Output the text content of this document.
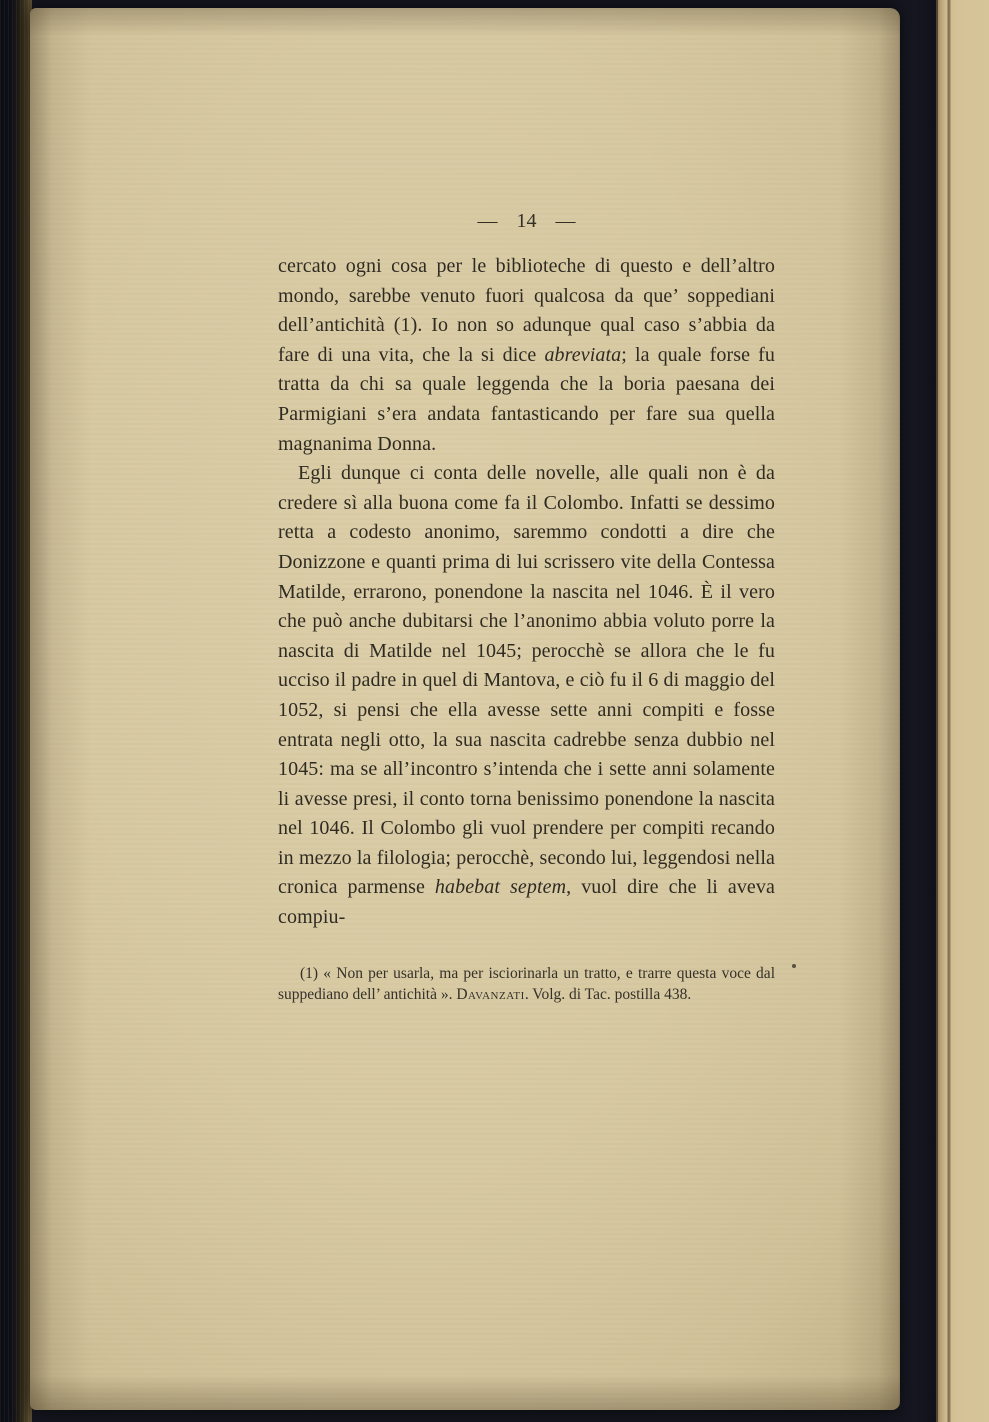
— 14 —

cercato ogni cosa per le biblioteche di questo e dell’altro mondo, sarebbe venuto fuori qualcosa da que’ soppediani dell’antichità (1). Io non so adunque qual caso s’abbia da fare di una vita, che la si dice abreviata; la quale forse fu tratta da chi sa quale leggenda che la boria paesana dei Parmigiani s’era andata fantasticando per fare sua quella magnanima Donna.

Egli dunque ci conta delle novelle, alle quali non è da credere sì alla buona come fa il Colombo. Infatti se dessimo retta a codesto anonimo, saremmo condotti a dire che Donizzone e quanti prima di lui scrissero vite della Contessa Matilde, errarono, ponendone la nascita nel 1046. È il vero che può anche dubitarsi che l’anonimo abbia voluto porre la nascita di Matilde nel 1045; perocchè se allora che le fu ucciso il padre in quel di Mantova, e ciò fu il 6 di maggio del 1052, si pensi che ella avesse sette anni compiti e fosse entrata negli otto, la sua nascita cadrebbe senza dubbio nel 1045: ma se all’incontro s’intenda che i sette anni solamente li avesse presi, il conto torna benissimo ponendone la nascita nel 1046. Il Colombo gli vuol prendere per compiti recando in mezzo la filologia; perocchè, secondo lui, leggendosi nella cronica parmense habebat septem, vuol dire che li aveva compiu-

(1) « Non per usarla, ma per isciorinarla un tratto, e trarre questa voce dal suppediano dell’ antichità ». Davanzati. Volg. di Tac. postilla 438.
